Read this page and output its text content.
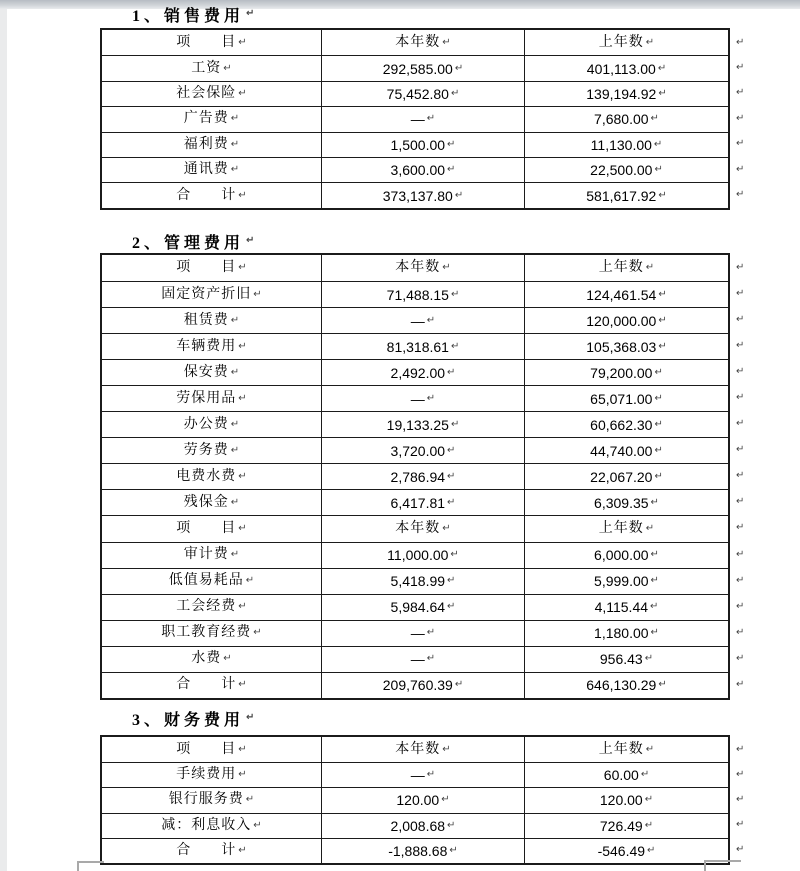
1、销售费用 ↵
项　　目 ↵	本年数 ↵	上年数 ↵
工资 ↵	292,585.00 ↵	401,113.00 ↵
社会保险 ↵	75,452.80 ↵	139,194.92 ↵
广告费 ↵	— ↵	7,680.00 ↵
福利费 ↵	1,500.00 ↵	11,130.00 ↵
通讯费 ↵	3,600.00 ↵	22,500.00 ↵
合　　计 ↵	373,137.80 ↵	581,617.92 ↵
↵
↵
↵
↵
↵
↵
↵
2、管理费用 ↵
项　　目 ↵	本年数 ↵	上年数 ↵
固定资产折旧 ↵	71,488.15 ↵	124,461.54 ↵
租赁费 ↵	— ↵	120,000.00 ↵
车辆费用 ↵	81,318.61 ↵	105,368.03 ↵
保安费 ↵	2,492.00 ↵	79,200.00 ↵
劳保用品 ↵	— ↵	65,071.00 ↵
办公费 ↵	19,133.25 ↵	60,662.30 ↵
劳务费 ↵	3,720.00 ↵	44,740.00 ↵
电费水费 ↵	2,786.94 ↵	22,067.20 ↵
残保金 ↵	6,417.81 ↵	6,309.35 ↵
项　　目 ↵	本年数 ↵	上年数 ↵
审计费 ↵	11,000.00 ↵	6,000.00 ↵
低值易耗品 ↵	5,418.99 ↵	5,999.00 ↵
工会经费 ↵	5,984.64 ↵	4,115.44 ↵
职工教育经费 ↵	— ↵	1,180.00 ↵
水费 ↵	— ↵	956.43 ↵
合　　计 ↵	209,760.39 ↵	646,130.29 ↵
↵
↵
↵
↵
↵
↵
↵
↵
↵
↵
↵
↵
↵
↵
↵
↵
↵
3、财务费用 ↵
项　　目 ↵	本年数 ↵	上年数 ↵
手续费用 ↵	— ↵	60.00 ↵
银行服务费 ↵	120.00 ↵	120.00 ↵
减：利息收入 ↵	2,008.68 ↵	726.49 ↵
合　　计 ↵	-1,888.68 ↵	-546.49 ↵
↵
↵
↵
↵
↵
